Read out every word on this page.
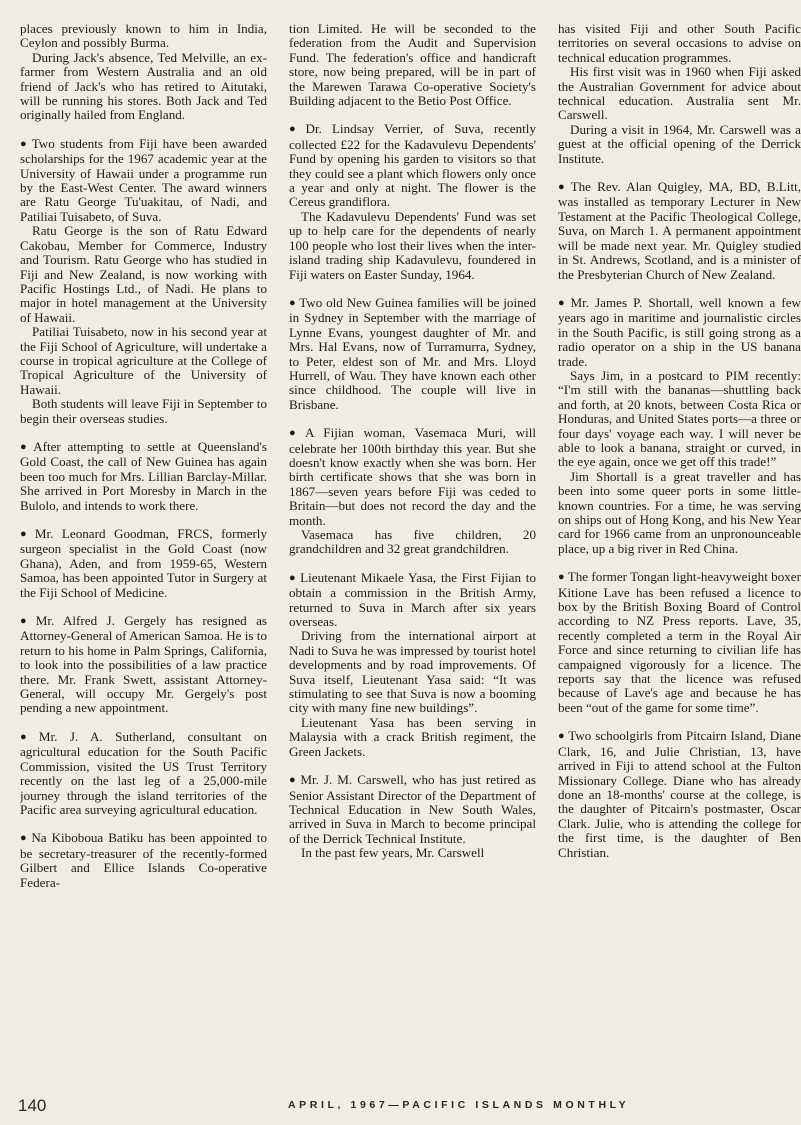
places previously known to him in India, Ceylon and possibly Burma.

During Jack's absence, Ted Melville, an ex-farmer from Western Australia and an old friend of Jack's who has retired to Aitutaki, will be running his stores. Both Jack and Ted originally hailed from England.

● Two students from Fiji have been awarded scholarships for the 1967 academic year at the University of Hawaii under a programme run by the East-West Center. The award winners are Ratu George Tu'uakitau, of Nadi, and Patiliai Tuisabeto, of Suva.

Ratu George is the son of Ratu Edward Cakobau, Member for Commerce, Industry and Tourism. Ratu George who has studied in Fiji and New Zealand, is now working with Pacific Hostings Ltd., of Nadi. He plans to major in hotel management at the University of Hawaii.

Patiliai Tuisabeto, now in his second year at the Fiji School of Agriculture, will undertake a course in tropical agriculture at the College of Tropical Agriculture of the University of Hawaii.

Both students will leave Fiji in September to begin their overseas studies.

● After attempting to settle at Queensland's Gold Coast, the call of New Guinea has again been too much for Mrs. Lillian Barclay-Millar. She arrived in Port Moresby in March in the Bulolo, and intends to work there.

● Mr. Leonard Goodman, FRCS, formerly surgeon specialist in the Gold Coast (now Ghana), Aden, and from 1959-65, Western Samoa, has been appointed Tutor in Surgery at the Fiji School of Medicine.

● Mr. Alfred J. Gergely has resigned as Attorney-General of American Samoa. He is to return to his home in Palm Springs, California, to look into the possibilities of a law practice there. Mr. Frank Swett, assistant Attorney-General, will occupy Mr. Gergely's post pending a new appointment.

● Mr. J. A. Sutherland, consultant on agricultural education for the South Pacific Commission, visited the US Trust Territory recently on the last leg of a 25,000-mile journey through the island territories of the Pacific area surveying agricultural education.

● Na Kiboboua Batiku has been appointed to be secretary-treasurer of the recently-formed Gilbert and Ellice Islands Co-operative Federa-

tion Limited. He will be seconded to the federation from the Audit and Supervision Fund. The federation's office and handicraft store, now being prepared, will be in part of the Marewen Tarawa Co-operative Society's Building adjacent to the Betio Post Office.

● Dr. Lindsay Verrier, of Suva, recently collected £22 for the Kadavulevu Dependents' Fund by opening his garden to visitors so that they could see a plant which flowers only once a year and only at night. The flower is the Cereus grandiflora.

The Kadavulevu Dependents' Fund was set up to help care for the dependents of nearly 100 people who lost their lives when the inter-island trading ship Kadavulevu, foundered in Fiji waters on Easter Sunday, 1964.

● Two old New Guinea families will be joined in Sydney in September with the marriage of Lynne Evans, youngest daughter of Mr. and Mrs. Hal Evans, now of Turramurra, Sydney, to Peter, eldest son of Mr. and Mrs. Lloyd Hurrell, of Wau. They have known each other since childhood. The couple will live in Brisbane.

● A Fijian woman, Vasemaca Muri, will celebrate her 100th birthday this year. But she doesn't know exactly when she was born. Her birth certificate shows that she was born in 1867—seven years before Fiji was ceded to Britain—but does not record the day and the month.

Vasemaca has five children, 20 grandchildren and 32 great grandchildren.

● Lieutenant Mikaele Yasa, the First Fijian to obtain a commission in the British Army, returned to Suva in March after six years overseas.

Driving from the international airport at Nadi to Suva he was impressed by tourist hotel developments and by road improvements. Of Suva itself, Lieutenant Yasa said: “It was stimulating to see that Suva is now a booming city with many fine new buildings”.

Lieutenant Yasa has been serving in Malaysia with a crack British regiment, the Green Jackets.

● Mr. J. M. Carswell, who has just retired as Senior Assistant Director of the Department of Technical Education in New South Wales, arrived in Suva in March to become principal of the Derrick Technical Institute.

In the past few years, Mr. Carswell

has visited Fiji and other South Pacific territories on several occasions to advise on technical education programmes.

His first visit was in 1960 when Fiji asked the Australian Government for advice about technical education. Australia sent Mr. Carswell.

During a visit in 1964, Mr. Carswell was a guest at the official opening of the Derrick Institute.

● The Rev. Alan Quigley, MA, BD, B.Litt, was installed as temporary Lecturer in New Testament at the Pacific Theological College, Suva, on March 1. A permanent appointment will be made next year. Mr. Quigley studied in St. Andrews, Scotland, and is a minister of the Presbyterian Church of New Zealand.

● Mr. James P. Shortall, well known a few years ago in maritime and journalistic circles in the South Pacific, is still going strong as a radio operator on a ship in the US banana trade.

Says Jim, in a postcard to PIM recently: “I'm still with the bananas—shuttling back and forth, at 20 knots, between Costa Rica or Honduras, and United States ports—a three or four days' voyage each way. I will never be able to look a banana, straight or curved, in the eye again, once we get off this trade!”

Jim Shortall is a great traveller and has been into some queer ports in some little-known countries. For a time, he was serving on ships out of Hong Kong, and his New Year card for 1966 came from an unpronounceable place, up a big river in Red China.

● The former Tongan light-heavyweight boxer Kitione Lave has been refused a licence to box by the British Boxing Board of Control according to NZ Press reports. Lave, 35, recently completed a term in the Royal Air Force and since returning to civilian life has campaigned vigorously for a licence. The reports say that the licence was refused because of Lave's age and because he has been “out of the game for some time”.

● Two schoolgirls from Pitcairn Island, Diane Clark, 16, and Julie Christian, 13, have arrived in Fiji to attend school at the Fulton Missionary College. Diane who has already done an 18-months' course at the college, is the daughter of Pitcairn's postmaster, Oscar Clark. Julie, who is attending the college for the first time, is the daughter of Ben Christian.

140	APRIL, 1967—PACIFIC ISLANDS MONTHLY
